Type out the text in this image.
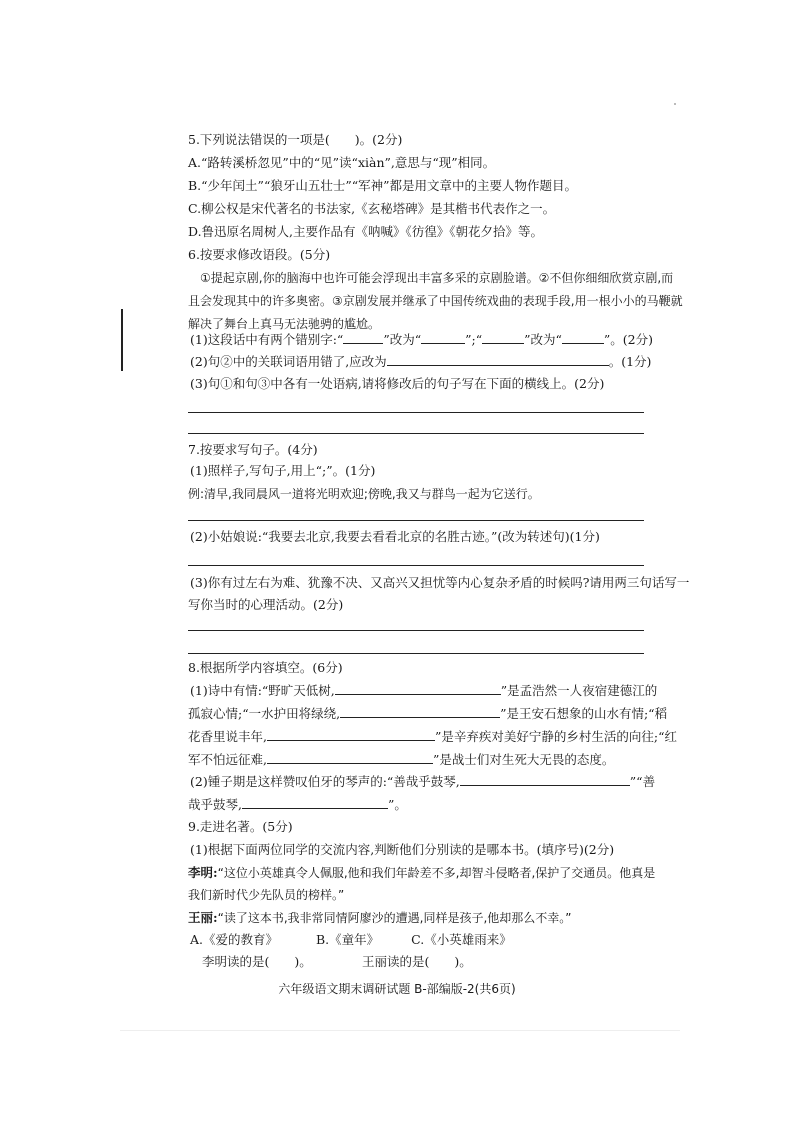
5.下列说法错误的一项是(　　)。(2分)
A.“路转溪桥忽见”中的“见”读“xiàn”,意思与“现”相同。
B.“少年闰土”“狼牙山五壮士”“军神”都是用文章中的主要人物作题目。
C.柳公权是宋代著名的书法家,《玄秘塔碑》是其楷书代表作之一。
D.鲁迅原名周树人,主要作品有《呐喊》《彷徨》《朝花夕拾》等。
6.按要求修改语段。(5分)
①提起京剧,你的脑海中也许可能会浮现出丰富多采的京剧脸谱。②不但你细细欣赏京剧,而
且会发现其中的许多奥密。③京剧发展并继承了中国传统戏曲的表现手段,用一根小小的马鞭就
解决了舞台上真马无法驰骋的尴尬。
(1)这段话中有两个错别字:“	”改为“	”;“	”改为“	”。(2分)
(2)句②中的关联词语用错了,应改为	。(1分)
(3)句①和句③中各有一处语病,请将修改后的句子写在下面的横线上。(2分)
7.按要求写句子。(4分)
(1)照样子,写句子,用上“;”。(1分)
例:清早,我同晨风一道将光明欢迎;傍晚,我又与群鸟一起为它送行。
(2)小姑娘说:“我要去北京,我要去看看北京的名胜古迹。”(改为转述句)(1分)
(3)你有过左右为难、犹豫不决、又高兴又担忧等内心复杂矛盾的时候吗?请用两三句话写一
写你当时的心理活动。(2分)
8.根据所学内容填空。(6分)
(1)诗中有情:“野旷天低树,	”是孟浩然一人夜宿建德江的
孤寂心情;“一水护田将绿绕,	”是王安石想象的山水有情;“稻
花香里说丰年,	”是辛弃疾对美好宁静的乡村生活的向往;“红
军不怕远征难,	”是战士们对生死大无畏的态度。
(2)锺子期是这样赞叹伯牙的琴声的:“善哉乎鼓琴,	”“善
哉乎鼓琴,	”。
9.走进名著。(5分)
(1)根据下面两位同学的交流内容,判断他们分别读的是哪本书。(填序号)(2分)
李明:“这位小英雄真令人佩服,他和我们年龄差不多,却智斗侵略者,保护了交通员。他真是
我们新时代少先队员的榜样。”
王丽:“读了这本书,我非常同情阿廖沙的遭遇,同样是孩子,他却那么不幸。”
A.《爱的教育》	B.《童年》	C.《小英雄雨来》
李明读的是(　　)。	王丽读的是(　　)。
六年级语文期末调研试题 B-部编版-2(共6页)
